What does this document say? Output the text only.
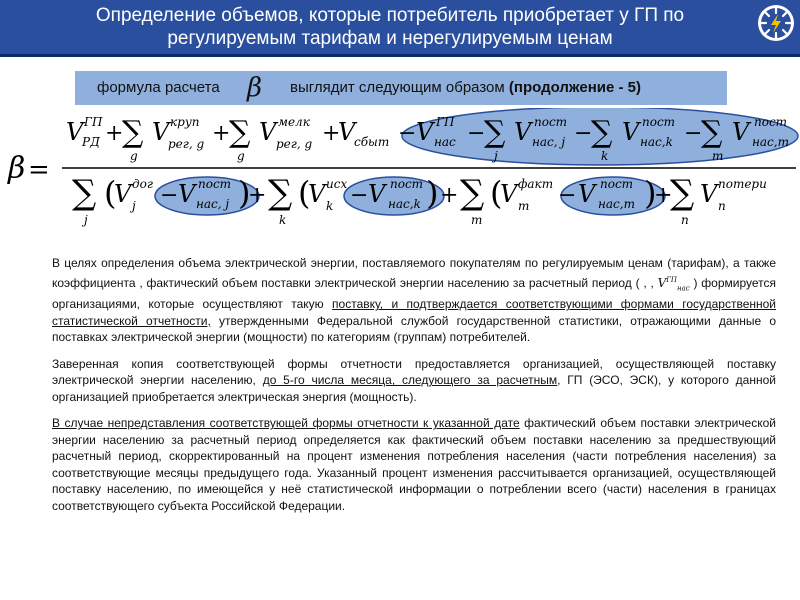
Определение объемов, которые потребитель приобретает у ГП по регулируемым тарифам и нерегулируемым ценам
формула расчета β выглядит следующим образом (продолжение - 5)
β =
V ГП
РД +
∑
g
V круп
рег, g +
∑
g
V мелк
рег, g +
V
сбыт − V ГП
нас −
∑
j
V пост
нас, j −
∑
k
V пост
нас,k −
∑
m
V пост
нас,m
∑
j
(
V дог
j − V пост
нас, j )
+ ∑
k
(
V исх
k − V пост
нас,k ) + ∑
m
(
V факт
m − V пост
нас,m )
+
∑
n
V потери
n

В целях определения объема электрической энергии, поставляемого покупателям по регулируемым ценам (тарифам), а также коэффициента , фактический объем поставки электрической энергии населению за расчетный период ( , , $V^{ГП}_{нас}$ ) формируется организациями, которые осуществляют такую поставку, и подтверждается соответствующими формами государственной статистической отчетности, утвержденными Федеральной службой государственной статистики, отражающими данные о поставках электрической энергии (мощности) по категориям (группам) потребителей.

Заверенная копия соответствующей формы отчетности предоставляется организацией, осуществляющей поставку электрической энергии населению, до 5-го числа месяца, следующего за расчетным, ГП (ЭСО, ЭСК), у которого данной организацией приобретается электрическая энергия (мощность).

В случае непредставления соответствующей формы отчетности к указанной дате фактический объем поставки электрической энергии населению за расчетный период определяется как фактический объем поставки населению за предшествующий расчетный период, скорректированный на процент изменения потребления населения (части потребления населения) за соответствующие месяцы предыдущего года. Указанный процент изменения рассчитывается организацией, осуществляющей поставку населению, по имеющейся у неё статистической информации о потреблении всего (части) населения в границах соответствующего субъекта Российской Федерации.
